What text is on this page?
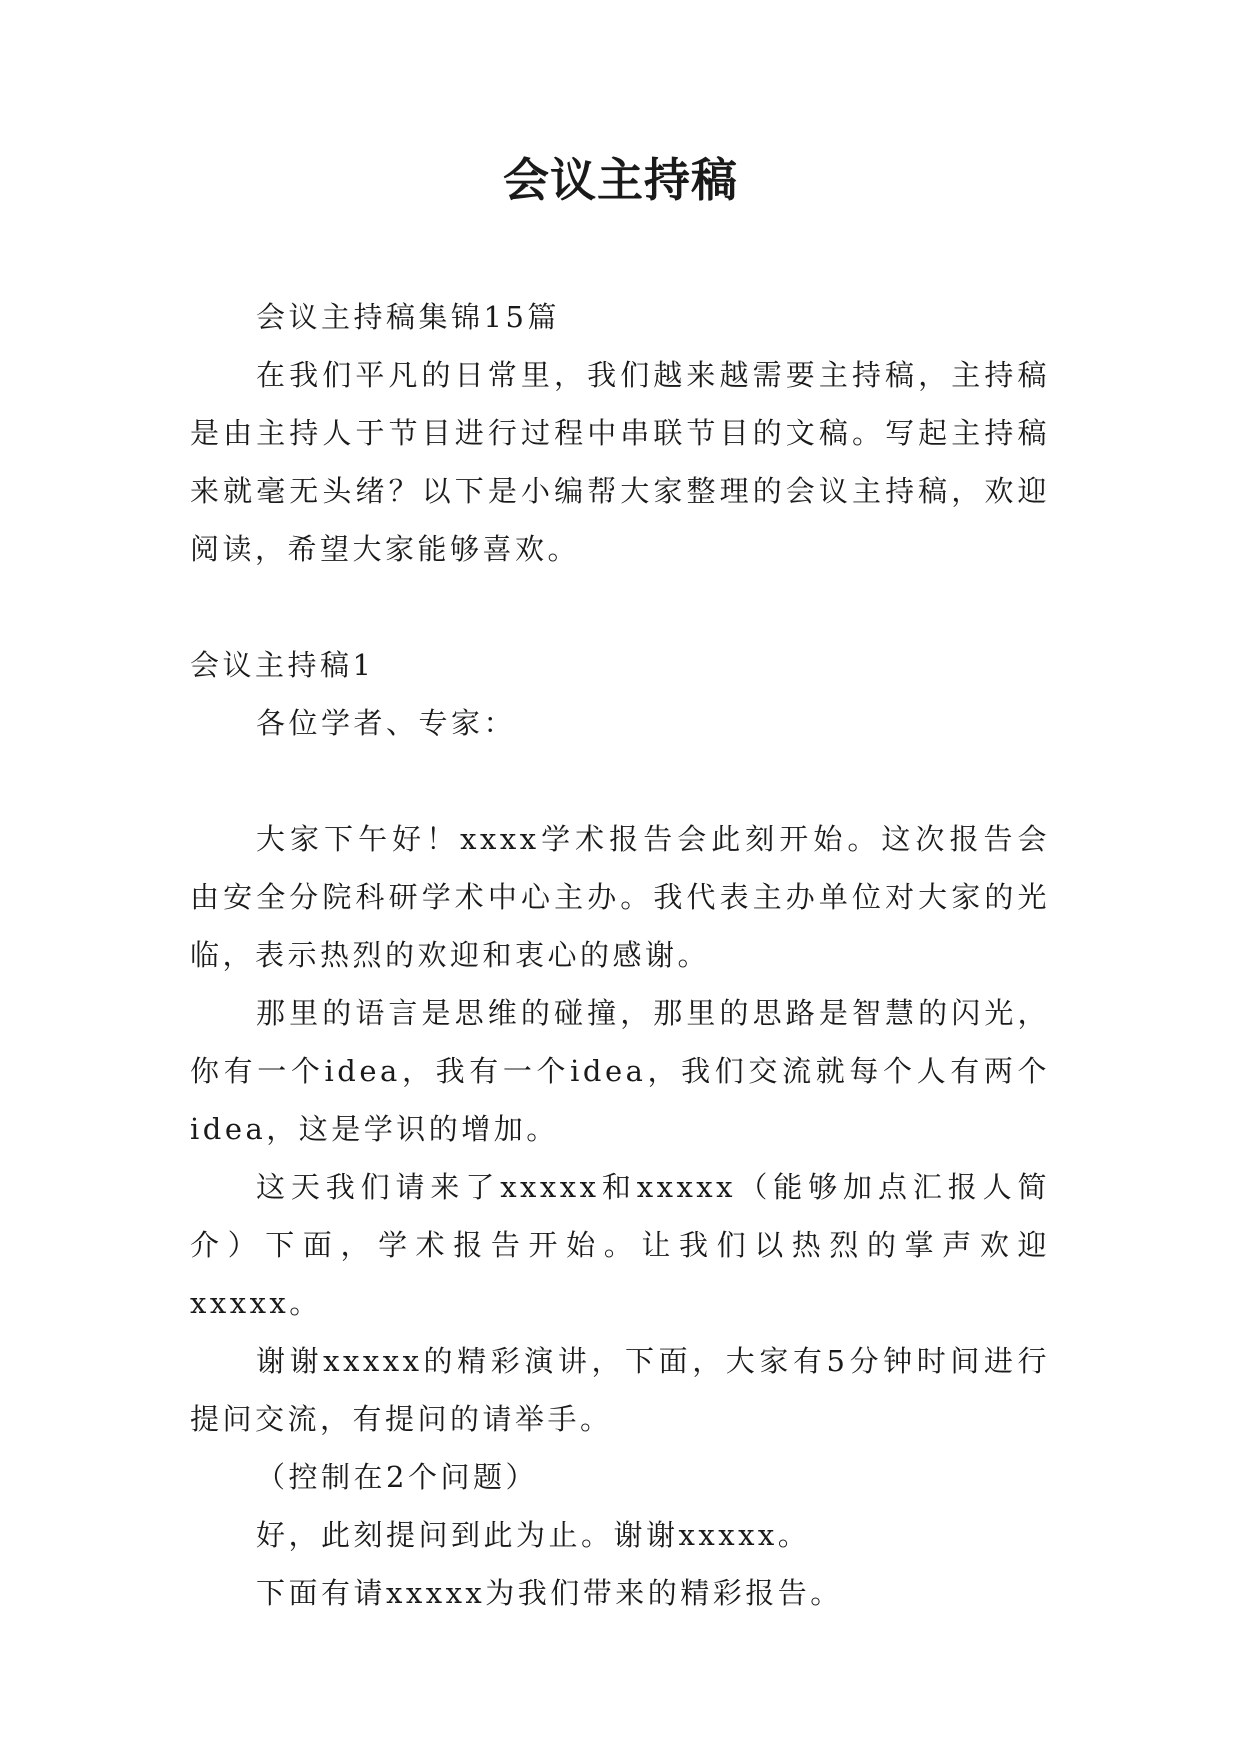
会议主持稿

会议主持稿集锦15篇

在我们平凡的日常里，我们越来越需要主持稿，主持稿是由主持人于节目进行过程中串联节目的文稿。写起主持稿来就毫无头绪？以下是小编帮大家整理的会议主持稿，欢迎阅读，希望大家能够喜欢。

会议主持稿1

各位学者、专家：

大家下午好！xxxx学术报告会此刻开始。这次报告会由安全分院科研学术中心主办。我代表主办单位对大家的光临，表示热烈的欢迎和衷心的感谢。

那里的语言是思维的碰撞，那里的思路是智慧的闪光，你有一个idea，我有一个idea，我们交流就每个人有两个idea，这是学识的增加。

这天我们请来了xxxxx和xxxxx（能够加点汇报人简介）下面，学术报告开始。让我们以热烈的掌声欢迎xxxxx。

谢谢xxxxx的精彩演讲，下面，大家有5分钟时间进行提问交流，有提问的请举手。

（控制在2个问题）

好，此刻提问到此为止。谢谢xxxxx。

下面有请xxxxx为我们带来的精彩报告。
